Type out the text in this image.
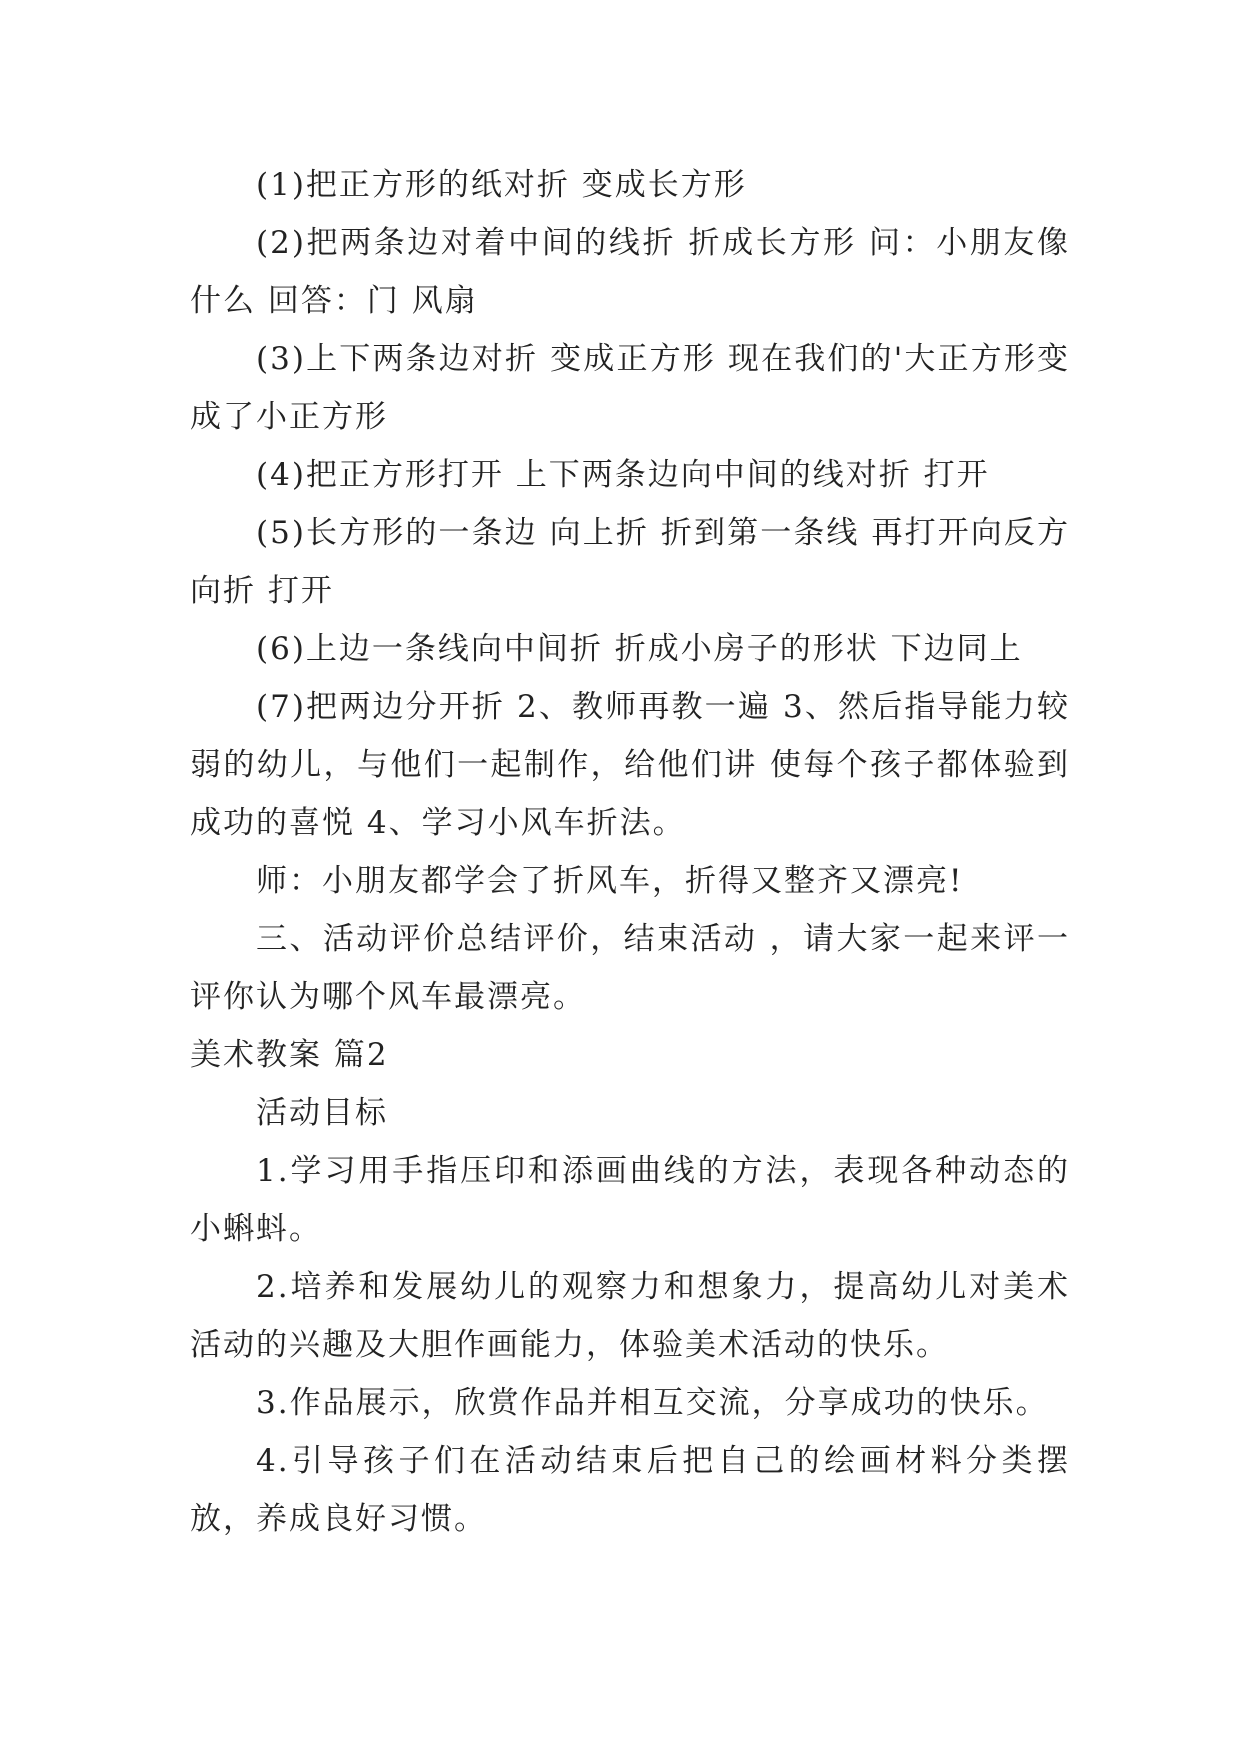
(1)把正方形的纸对折 变成长方形

(2)把两条边对着中间的线折 折成长方形 问：小朋友像什么 回答：门 风扇

(3)上下两条边对折 变成正方形 现在我们的'大正方形变成了小正方形

(4)把正方形打开 上下两条边向中间的线对折 打开

(5)长方形的一条边 向上折 折到第一条线 再打开向反方向折 打开

(6)上边一条线向中间折 折成小房子的形状 下边同上

(7)把两边分开折 2、教师再教一遍 3、然后指导能力较弱的幼儿，与他们一起制作，给他们讲 使每个孩子都体验到成功的喜悦 4、学习小风车折法。

师：小朋友都学会了折风车，折得又整齐又漂亮!

三、活动评价总结评价，结束活动 ，请大家一起来评一评你认为哪个风车最漂亮。

美术教案 篇2

活动目标

1.学习用手指压印和添画曲线的方法，表现各种动态的小蝌蚪。

2.培养和发展幼儿的观察力和想象力，提高幼儿对美术活动的兴趣及大胆作画能力，体验美术活动的快乐。

3.作品展示，欣赏作品并相互交流，分享成功的快乐。

4.引导孩子们在活动结束后把自己的绘画材料分类摆放，养成良好习惯。
